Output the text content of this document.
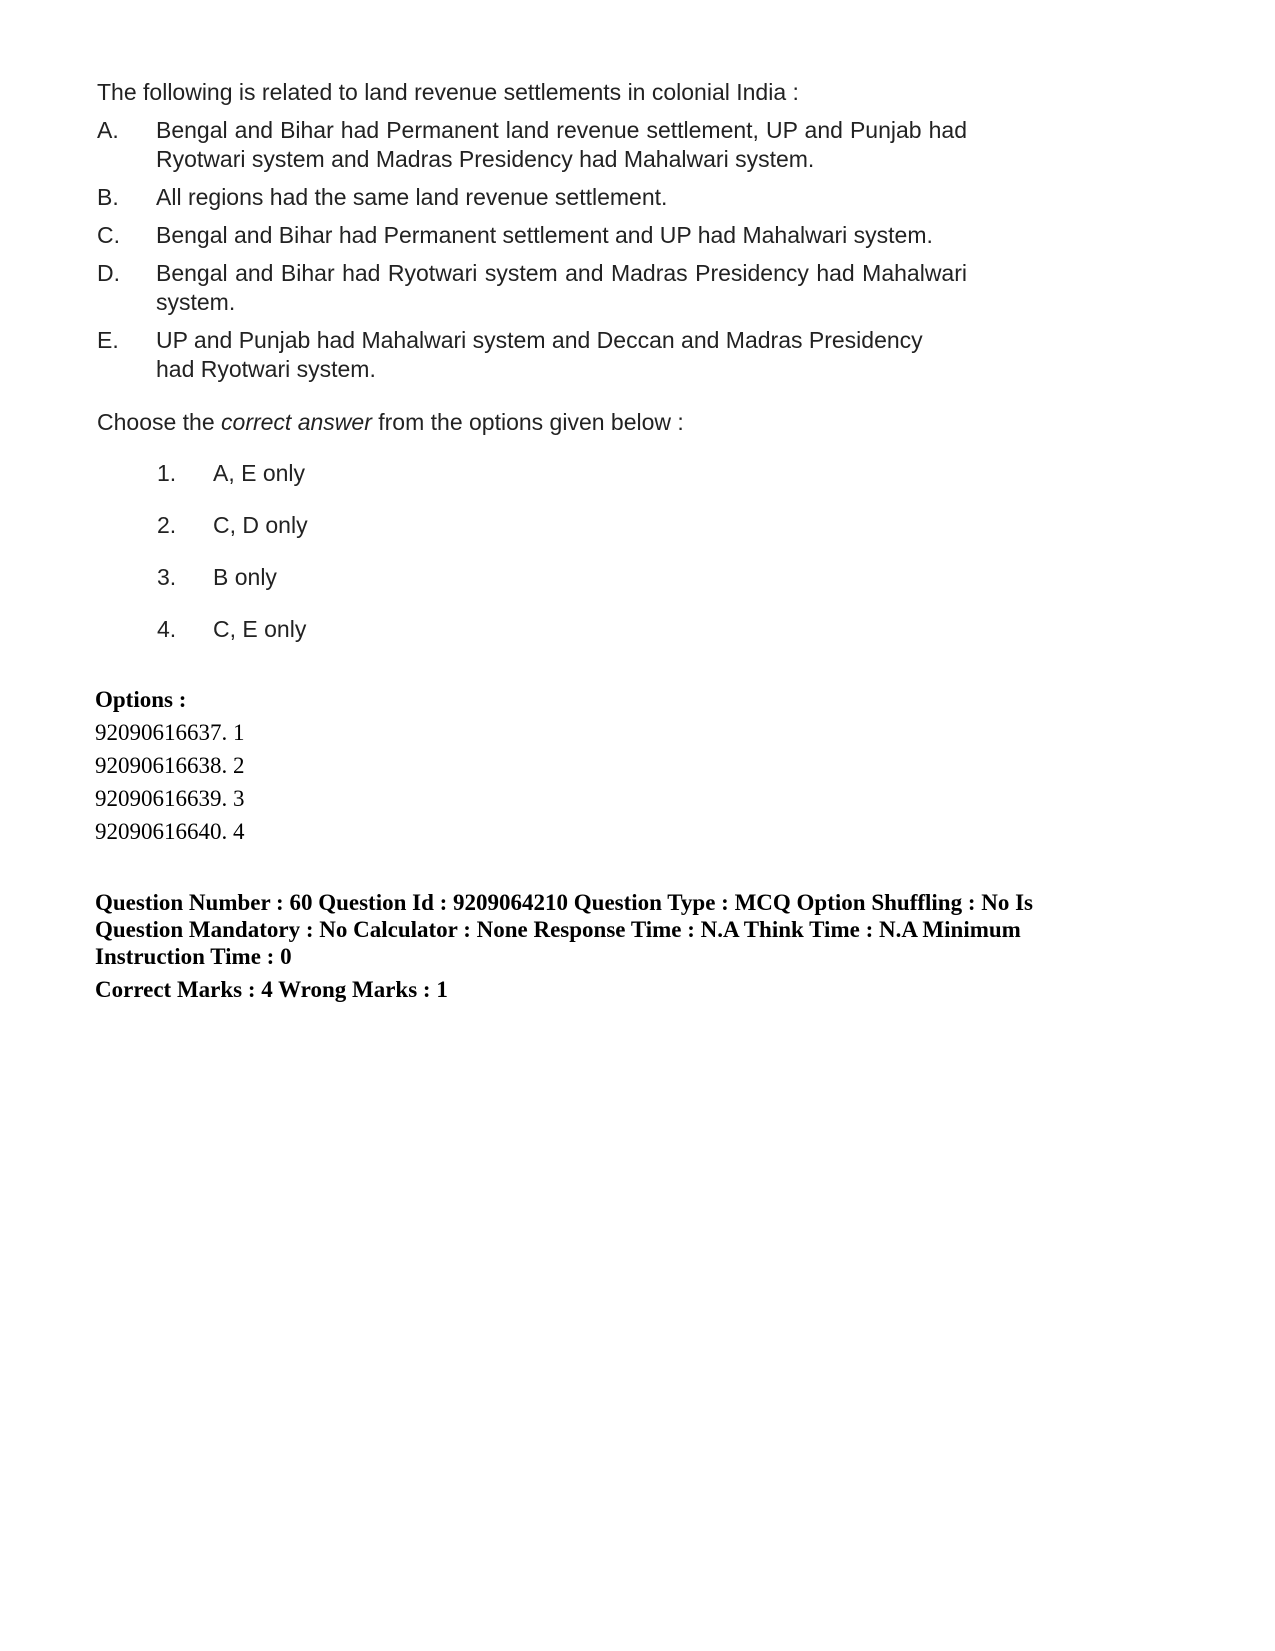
The following is related to land revenue settlements in colonial India :
A.	Bengal and Bihar had Permanent land revenue settlement, UP and Punjab had Ryotwari system and Madras Presidency had Mahalwari system.
B.	All regions had the same land revenue settlement.
C.	Bengal and Bihar had Permanent settlement and UP had Mahalwari system.
D.	Bengal and Bihar had Ryotwari system and Madras Presidency had Mahalwari system.
E.	UP and Punjab had Mahalwari system and Deccan and Madras Presidency had Ryotwari system.
Choose the correct answer from the options given below :
1.	A, E only
2.	C, D only
3.	B only
4.	C, E only
Options :
92090616637. 1
92090616638. 2
92090616639. 3
92090616640. 4
Question Number : 60 Question Id : 9209064210 Question Type : MCQ Option Shuffling : No Is
Question Mandatory : No Calculator : None Response Time : N.A Think Time : N.A Minimum
Instruction Time : 0
Correct Marks : 4 Wrong Marks : 1
